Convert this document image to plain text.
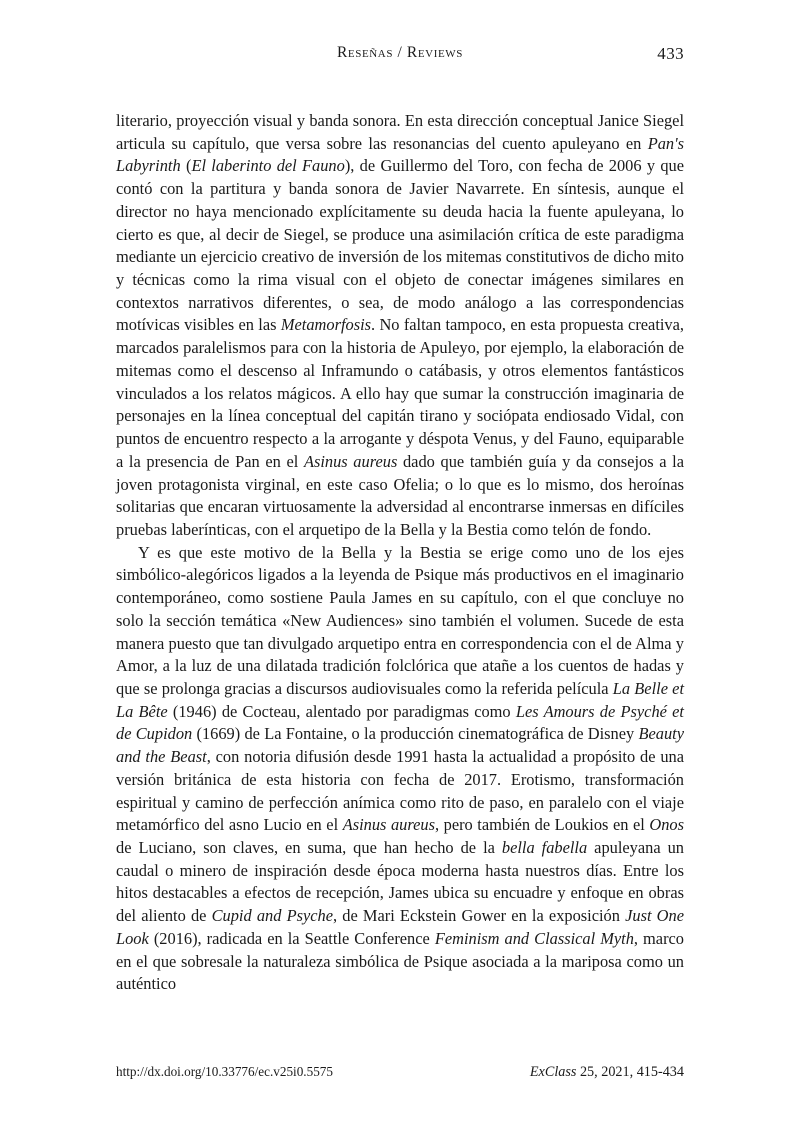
Reseñas / Reviews	433

literario, proyección visual y banda sonora. En esta dirección conceptual Janice Siegel articula su capítulo, que versa sobre las resonancias del cuento apuleyano en Pan's Labyrinth (El laberinto del Fauno), de Guillermo del Toro, con fecha de 2006 y que contó con la partitura y banda sonora de Javier Navarrete. En síntesis, aunque el director no haya mencionado explícitamente su deuda hacia la fuente apuleyana, lo cierto es que, al decir de Siegel, se produce una asimilación crítica de este paradigma mediante un ejercicio creativo de inversión de los mitemas constitutivos de dicho mito y técnicas como la rima visual con el objeto de conectar imágenes similares en contextos narrativos diferentes, o sea, de modo análogo a las correspondencias motívicas visibles en las Metamorfosis. No faltan tampoco, en esta propuesta creativa, marcados paralelismos para con la historia de Apuleyo, por ejemplo, la elaboración de mitemas como el descenso al Inframundo o catábasis, y otros elementos fantásticos vinculados a los relatos mágicos. A ello hay que sumar la construcción imaginaria de personajes en la línea conceptual del capitán tirano y sociópata endiosado Vidal, con puntos de encuentro respecto a la arrogante y déspota Venus, y del Fauno, equiparable a la presencia de Pan en el Asinus aureus dado que también guía y da consejos a la joven protagonista virginal, en este caso Ofelia; o lo que es lo mismo, dos heroínas solitarias que encaran virtuosamente la adversidad al encontrarse inmersas en difíciles pruebas laberínticas, con el arquetipo de la Bella y la Bestia como telón de fondo.

Y es que este motivo de la Bella y la Bestia se erige como uno de los ejes simbólico-alegóricos ligados a la leyenda de Psique más productivos en el imaginario contemporáneo, como sostiene Paula James en su capítulo, con el que concluye no solo la sección temática «New Audiences» sino también el volumen. Sucede de esta manera puesto que tan divulgado arquetipo entra en correspondencia con el de Alma y Amor, a la luz de una dilatada tradición folclórica que atañe a los cuentos de hadas y que se prolonga gracias a discursos audiovisuales como la referida película La Belle et La Bête (1946) de Cocteau, alentado por paradigmas como Les Amours de Psyché et de Cupidon (1669) de La Fontaine, o la producción cinematográfica de Disney Beauty and the Beast, con notoria difusión desde 1991 hasta la actualidad a propósito de una versión británica de esta historia con fecha de 2017. Erotismo, transformación espiritual y camino de perfección anímica como rito de paso, en paralelo con el viaje metamórfico del asno Lucio en el Asinus aureus, pero también de Loukios en el Onos de Luciano, son claves, en suma, que han hecho de la bella fabella apuleyana un caudal o minero de inspiración desde época moderna hasta nuestros días. Entre los hitos destacables a efectos de recepción, James ubica su encuadre y enfoque en obras del aliento de Cupid and Psyche, de Mari Eckstein Gower en la exposición Just One Look (2016), radicada en la Seattle Conference Feminism and Classical Myth, marco en el que sobresale la naturaleza simbólica de Psique asociada a la mariposa como un auténtico

http://dx.doi.org/10.33776/ec.v25i0.5575	ExClass 25, 2021, 415-434
